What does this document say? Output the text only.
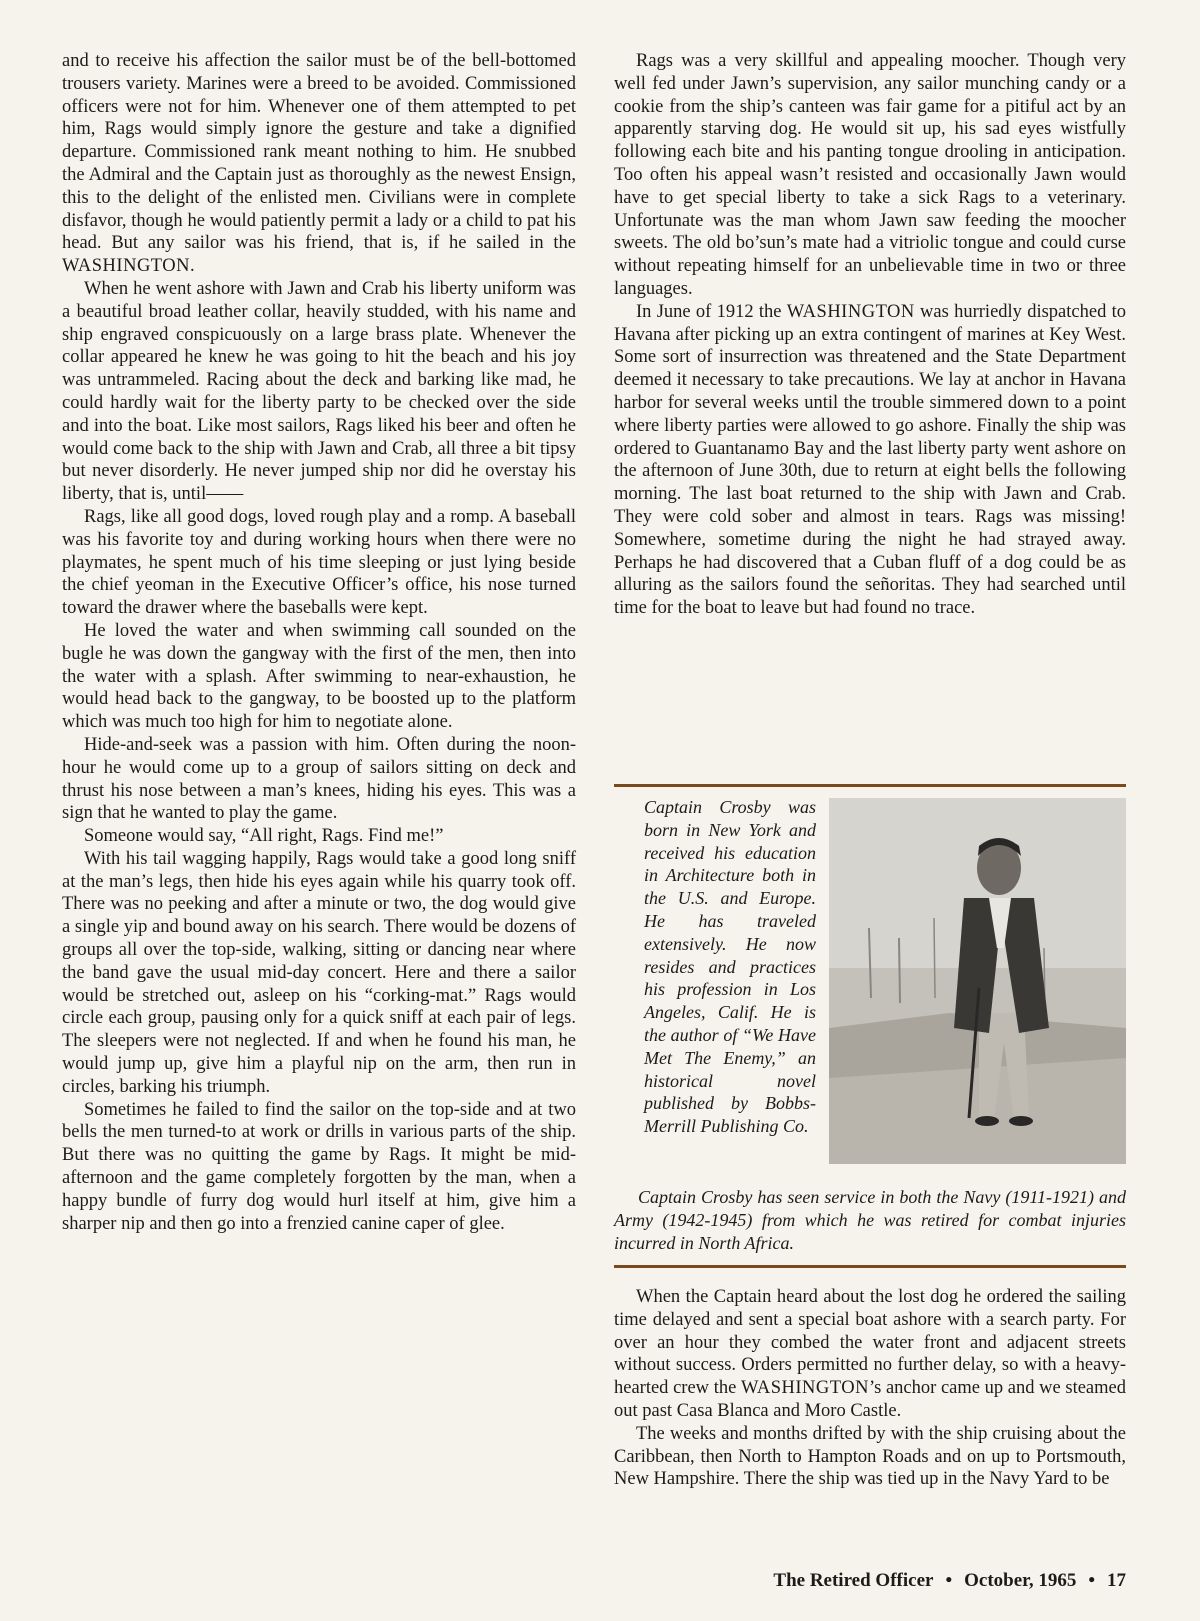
and to receive his affection the sailor must be of the bell-bottomed trousers variety. Marines were a breed to be avoided. Commissioned officers were not for him. Whenever one of them attempted to pet him, Rags would simply ignore the gesture and take a dignified departure. Commissioned rank meant nothing to him. He snubbed the Admiral and the Captain just as thoroughly as the newest Ensign, this to the delight of the enlisted men. Civilians were in complete disfavor, though he would patiently permit a lady or a child to pat his head. But any sailor was his friend, that is, if he sailed in the WASHINGTON.

When he went ashore with Jawn and Crab his liberty uniform was a beautiful broad leather collar, heavily studded, with his name and ship engraved conspicuously on a large brass plate. Whenever the collar appeared he knew he was going to hit the beach and his joy was untrammeled. Racing about the deck and barking like mad, he could hardly wait for the liberty party to be checked over the side and into the boat. Like most sailors, Rags liked his beer and often he would come back to the ship with Jawn and Crab, all three a bit tipsy but never disorderly. He never jumped ship nor did he overstay his liberty, that is, until——

Rags, like all good dogs, loved rough play and a romp. A baseball was his favorite toy and during working hours when there were no playmates, he spent much of his time sleeping or just lying beside the chief yeoman in the Executive Officer’s office, his nose turned toward the drawer where the baseballs were kept.

He loved the water and when swimming call sounded on the bugle he was down the gangway with the first of the men, then into the water with a splash. After swimming to near-exhaustion, he would head back to the gangway, to be boosted up to the platform which was much too high for him to negotiate alone.

Hide-and-seek was a passion with him. Often during the noon-hour he would come up to a group of sailors sitting on deck and thrust his nose between a man’s knees, hiding his eyes. This was a sign that he wanted to play the game.

Someone would say, “All right, Rags. Find me!”

With his tail wagging happily, Rags would take a good long sniff at the man’s legs, then hide his eyes again while his quarry took off. There was no peeking and after a minute or two, the dog would give a single yip and bound away on his search. There would be dozens of groups all over the top-side, walking, sitting or dancing near where the band gave the usual mid-day concert. Here and there a sailor would be stretched out, asleep on his “corking-mat.” Rags would circle each group, pausing only for a quick sniff at each pair of legs. The sleepers were not neglected. If and when he found his man, he would jump up, give him a playful nip on the arm, then run in circles, barking his triumph.

Sometimes he failed to find the sailor on the top-side and at two bells the men turned-to at work or drills in various parts of the ship. But there was no quitting the game by Rags. It might be mid-afternoon and the game completely forgotten by the man, when a happy bundle of furry dog would hurl itself at him, give him a sharper nip and then go into a frenzied canine caper of glee.

Rags was a very skillful and appealing moocher. Though very well fed under Jawn’s supervision, any sailor munching candy or a cookie from the ship’s canteen was fair game for a pitiful act by an apparently starving dog. He would sit up, his sad eyes wistfully following each bite and his panting tongue drooling in anticipation. Too often his appeal wasn’t resisted and occasionally Jawn would have to get special liberty to take a sick Rags to a veterinary. Unfortunate was the man whom Jawn saw feeding the moocher sweets. The old bo’sun’s mate had a vitriolic tongue and could curse without repeating himself for an unbelievable time in two or three languages.

In June of 1912 the WASHINGTON was hurriedly dispatched to Havana after picking up an extra contingent of marines at Key West. Some sort of insurrection was threatened and the State Department deemed it necessary to take precautions. We lay at anchor in Havana harbor for several weeks until the trouble simmered down to a point where liberty parties were allowed to go ashore. Finally the ship was ordered to Guantanamo Bay and the last liberty party went ashore on the afternoon of June 30th, due to return at eight bells the following morning. The last boat returned to the ship with Jawn and Crab. They were cold sober and almost in tears. Rags was missing! Somewhere, sometime during the night he had strayed away. Perhaps he had discovered that a Cuban fluff of a dog could be as alluring as the sailors found the señoritas. They had searched until time for the boat to leave but had found no trace.

Captain Crosby was born in New York and received his education in Architecture both in the U.S. and Europe. He has traveled extensively. He now resides and practices his profession in Los Angeles, Calif. He is the author of “We Have Met The Enemy,” an historical novel published by Bobbs-Merrill Publishing Co.

Captain Crosby has seen service in both the Navy (1911-1921) and Army (1942-1945) from which he was retired for combat injuries incurred in North Africa.

When the Captain heard about the lost dog he ordered the sailing time delayed and sent a special boat ashore with a search party. For over an hour they combed the water front and adjacent streets without success. Orders permitted no further delay, so with a heavy-hearted crew the WASHINGTON’s anchor came up and we steamed out past Casa Blanca and Moro Castle.

The weeks and months drifted by with the ship cruising about the Caribbean, then North to Hampton Roads and on up to Portsmouth, New Hampshire. There the ship was tied up in the Navy Yard to be

The Retired Officer • October, 1965 • 17
